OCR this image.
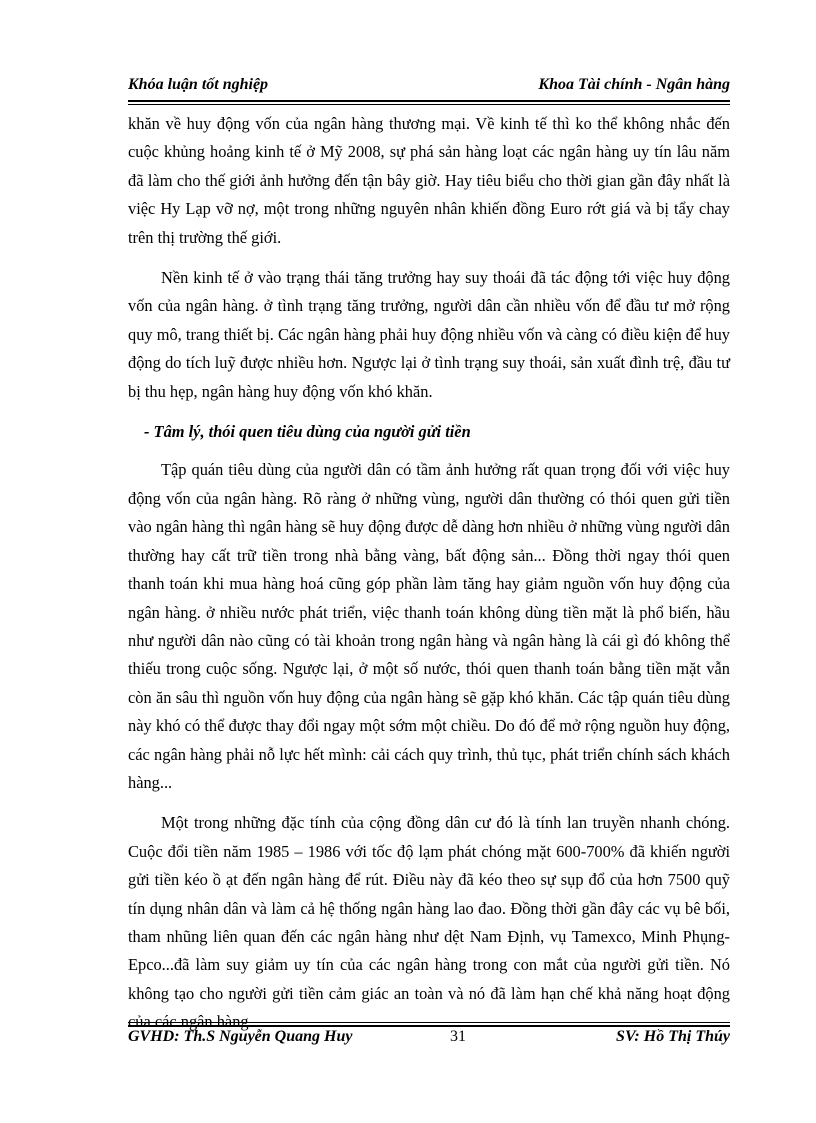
Khóa luận tốt nghiệp	Khoa Tài chính - Ngân hàng

khăn về huy động vốn của ngân hàng thương mại. Về kinh tế thì ko thể không nhắc đến cuộc khủng hoảng kinh tế ở Mỹ 2008, sự phá sản hàng loạt các ngân hàng uy tín lâu năm đã làm cho thế giới ảnh hưởng đến tận bây giờ. Hay tiêu biểu cho thời gian gần đây nhất là việc Hy Lạp vỡ nợ, một trong những nguyên nhân khiến đồng Euro rớt giá và bị tẩy chay trên thị trường thế giới.

Nền kinh tế ở vào trạng thái tăng trưởng hay suy thoái đã tác động tới việc huy động vốn của ngân hàng. ở tình trạng tăng trưởng, người dân cần nhiều vốn để đầu tư mở rộng quy mô, trang thiết bị. Các ngân hàng phải huy động nhiều vốn và càng có điều kiện để huy động do tích luỹ được nhiều hơn. Ngược lại ở tình trạng suy thoái, sản xuất đình trệ, đầu tư bị thu hẹp, ngân hàng huy động vốn khó khăn.

- Tâm lý, thói quen tiêu dùng của người gửi tiền

Tập quán tiêu dùng của người dân có tầm ảnh hưởng rất quan trọng đối với việc huy động vốn của ngân hàng. Rõ ràng ở những vùng, người dân thường có thói quen gửi tiền vào ngân hàng thì ngân hàng sẽ huy động được dễ dàng hơn nhiều ở những vùng người dân thường hay cất trữ tiền trong nhà bằng vàng, bất động sản... Đồng thời ngay thói quen thanh toán khi mua hàng hoá cũng góp phần làm tăng hay giảm nguồn vốn huy động của ngân hàng. ở nhiều nước phát triển, việc thanh toán không dùng tiền mặt là phổ biến, hầu như người dân nào cũng có tài khoản trong ngân hàng và ngân hàng là cái gì đó không thể thiếu trong cuộc sống. Ngược lại, ở một số nước, thói quen thanh toán bằng tiền mặt vẫn còn ăn sâu thì nguồn vốn huy động của ngân hàng sẽ gặp khó khăn. Các tập quán tiêu dùng này khó có thể được thay đổi ngay một sớm một chiều. Do đó để mở rộng nguồn huy động, các ngân hàng phải nỗ lực hết mình: cải cách quy trình, thủ tục, phát triển chính sách khách hàng...

Một trong những đặc tính của cộng đồng dân cư đó là tính lan truyền nhanh chóng. Cuộc đổi tiền năm 1985 – 1986 với tốc độ lạm phát chóng mặt 600-700% đã khiến người gửi tiền kéo ồ ạt đến ngân hàng để rút. Điều này đã kéo theo sự sụp đổ của hơn 7500 quỹ tín dụng nhân dân và làm cả hệ thống ngân hàng lao đao. Đồng thời gần đây các vụ bê bối, tham nhũng liên quan đến các ngân hàng như dệt Nam Định, vụ Tamexco, Minh Phụng-Epco...đã làm suy giảm uy tín của các ngân hàng trong con mắt của người gửi tiền. Nó không tạo cho người gửi tiền cảm giác an toàn và nó đã làm hạn chế khả năng hoạt động của các ngân hàng.

GVHD: Th.S Nguyễn Quang Huy	31	SV: Hồ Thị Thúy
